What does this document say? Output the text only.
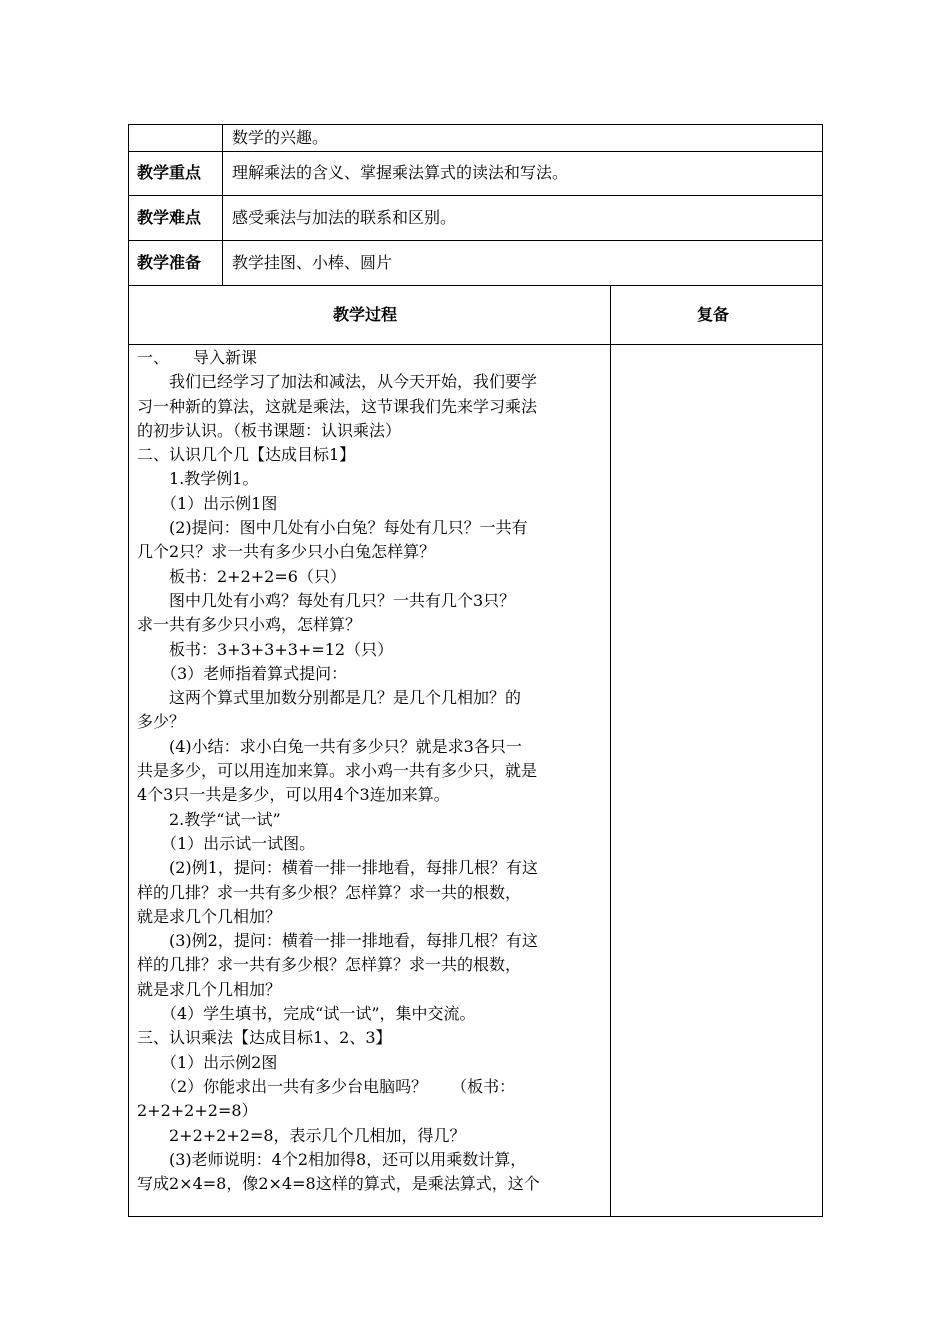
数学的兴趣。
教学重点 理解乘法的含义、掌握乘法算式的读法和写法。
教学难点 感受乘法与加法的联系和区别。
教学准备 教学挂图、小棒、圆片
教学过程	复备
一、　　导入新课
　　我们已经学习了加法和减法，从今天开始，我们要学
习一种新的算法，这就是乘法，这节课我们先来学习乘法
的初步认识。（板书课题：认识乘法）
二、认识几个几【达成目标1】
　　1.教学例1。
　　（1）出示例1图
　　(2)提问：图中几处有小白兔？每处有几只？一共有
几个2只？求一共有多少只小白兔怎样算？
　　板书：2+2+2=6（只）
　　图中几处有小鸡？每处有几只？一共有几个3只？
求一共有多少只小鸡，怎样算？
　　板书：3+3+3+3+=12（只）
　　（3）老师指着算式提问：
　　这两个算式里加数分别都是几？是几个几相加？的
多少？
　　(4)小结：求小白兔一共有多少只？就是求3各只一
共是多少，可以用连加来算。求小鸡一共有多少只，就是
4个3只一共是多少，可以用4个3连加来算。
　　2.教学“试一试”
　　（1）出示试一试图。
　　(2)例1，提问：横着一排一排地看，每排几根？有这
样的几排？求一共有多少根？怎样算？求一共的根数，
就是求几个几相加？
　　(3)例2，提问：横着一排一排地看，每排几根？有这
样的几排？求一共有多少根？怎样算？求一共的根数，
就是求几个几相加？
　　（4）学生填书，完成“试一试”，集中交流。
三、认识乘法【达成目标1、2、3】
　　（1）出示例2图
　　（2）你能求出一共有多少台电脑吗？　　（板书：
2+2+2+2=8）
　　2+2+2+2=8，表示几个几相加，得几？
　　(3)老师说明：4个2相加得8，还可以用乘数计算，
写成2×4=8，像2×4=8这样的算式，是乘法算式，这个
